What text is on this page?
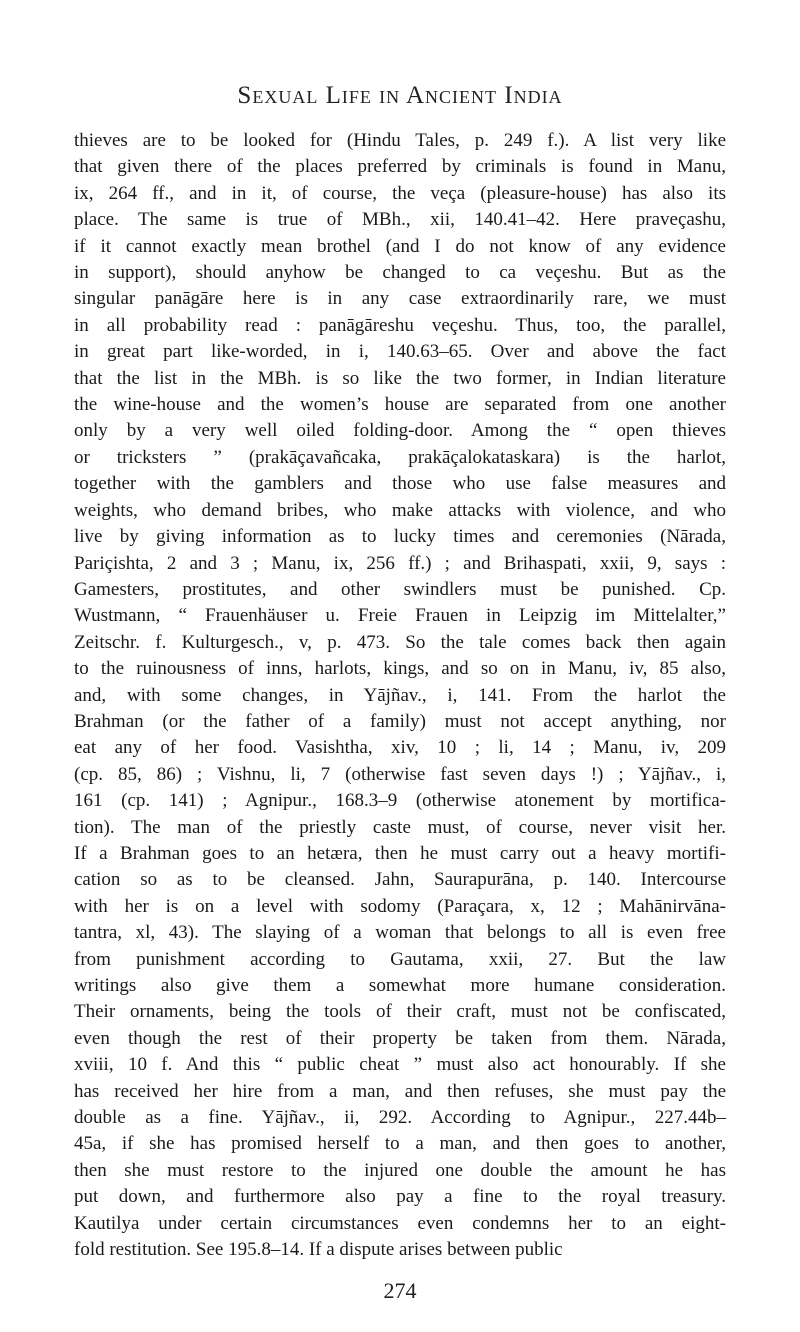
Sexual Life in Ancient India
thieves are to be looked for (Hindu Tales, p. 249 f.). A list very like
that given there of the places preferred by criminals is found in Manu,
ix, 264 ff., and in it, of course, the veça (pleasure-house) has also its
place. The same is true of MBh., xii, 140.41–42. Here praveçashu,
if it cannot exactly mean brothel (and I do not know of any evidence
in support), should anyhow be changed to ca veçeshu. But as the
singular panāgāre here is in any case extraordinarily rare, we must
in all probability read : panāgāreshu veçeshu. Thus, too, the parallel,
in great part like-worded, in i, 140.63–65. Over and above the fact
that the list in the MBh. is so like the two former, in Indian literature
the wine-house and the women’s house are separated from one another
only by a very well oiled folding-door. Among the “ open thieves
or tricksters ” (prakāçavañcaka, prakāçalokataskara) is the harlot,
together with the gamblers and those who use false measures and
weights, who demand bribes, who make attacks with violence, and who
live by giving information as to lucky times and ceremonies (Nārada,
Pariçishta, 2 and 3 ; Manu, ix, 256 ff.) ; and Brihaspati, xxii, 9, says :
Gamesters, prostitutes, and other swindlers must be punished. Cp.
Wustmann, “ Frauenhäuser u. Freie Frauen in Leipzig im Mittelalter,”
Zeitschr. f. Kulturgesch., v, p. 473. So the tale comes back then again
to the ruinousness of inns, harlots, kings, and so on in Manu, iv, 85 also,
and, with some changes, in Yājñav., i, 141. From the harlot the
Brahman (or the father of a family) must not accept anything, nor
eat any of her food. Vasishtha, xiv, 10 ; li, 14 ; Manu, iv, 209
(cp. 85, 86) ; Vishnu, li, 7 (otherwise fast seven days !) ; Yājñav., i,
161 (cp. 141) ; Agnipur., 168.3–9 (otherwise atonement by mortifica-
tion). The man of the priestly caste must, of course, never visit her.
If a Brahman goes to an hetæra, then he must carry out a heavy mortifi-
cation so as to be cleansed. Jahn, Saurapurāna, p. 140. Intercourse
with her is on a level with sodomy (Paraçara, x, 12 ; Mahānirvāna-
tantra, xl, 43). The slaying of a woman that belongs to all is even free
from punishment according to Gautama, xxii, 27. But the law
writings also give them a somewhat more humane consideration.
Their ornaments, being the tools of their craft, must not be confiscated,
even though the rest of their property be taken from them. Nārada,
xviii, 10 f. And this “ public cheat ” must also act honourably. If she
has received her hire from a man, and then refuses, she must pay the
double as a fine. Yājñav., ii, 292. According to Agnipur., 227.44b–
45a, if she has promised herself to a man, and then goes to another,
then she must restore to the injured one double the amount he has
put down, and furthermore also pay a fine to the royal treasury.
Kautilya under certain circumstances even condemns her to an eight-
fold restitution. See 195.8–14. If a dispute arises between public
274
